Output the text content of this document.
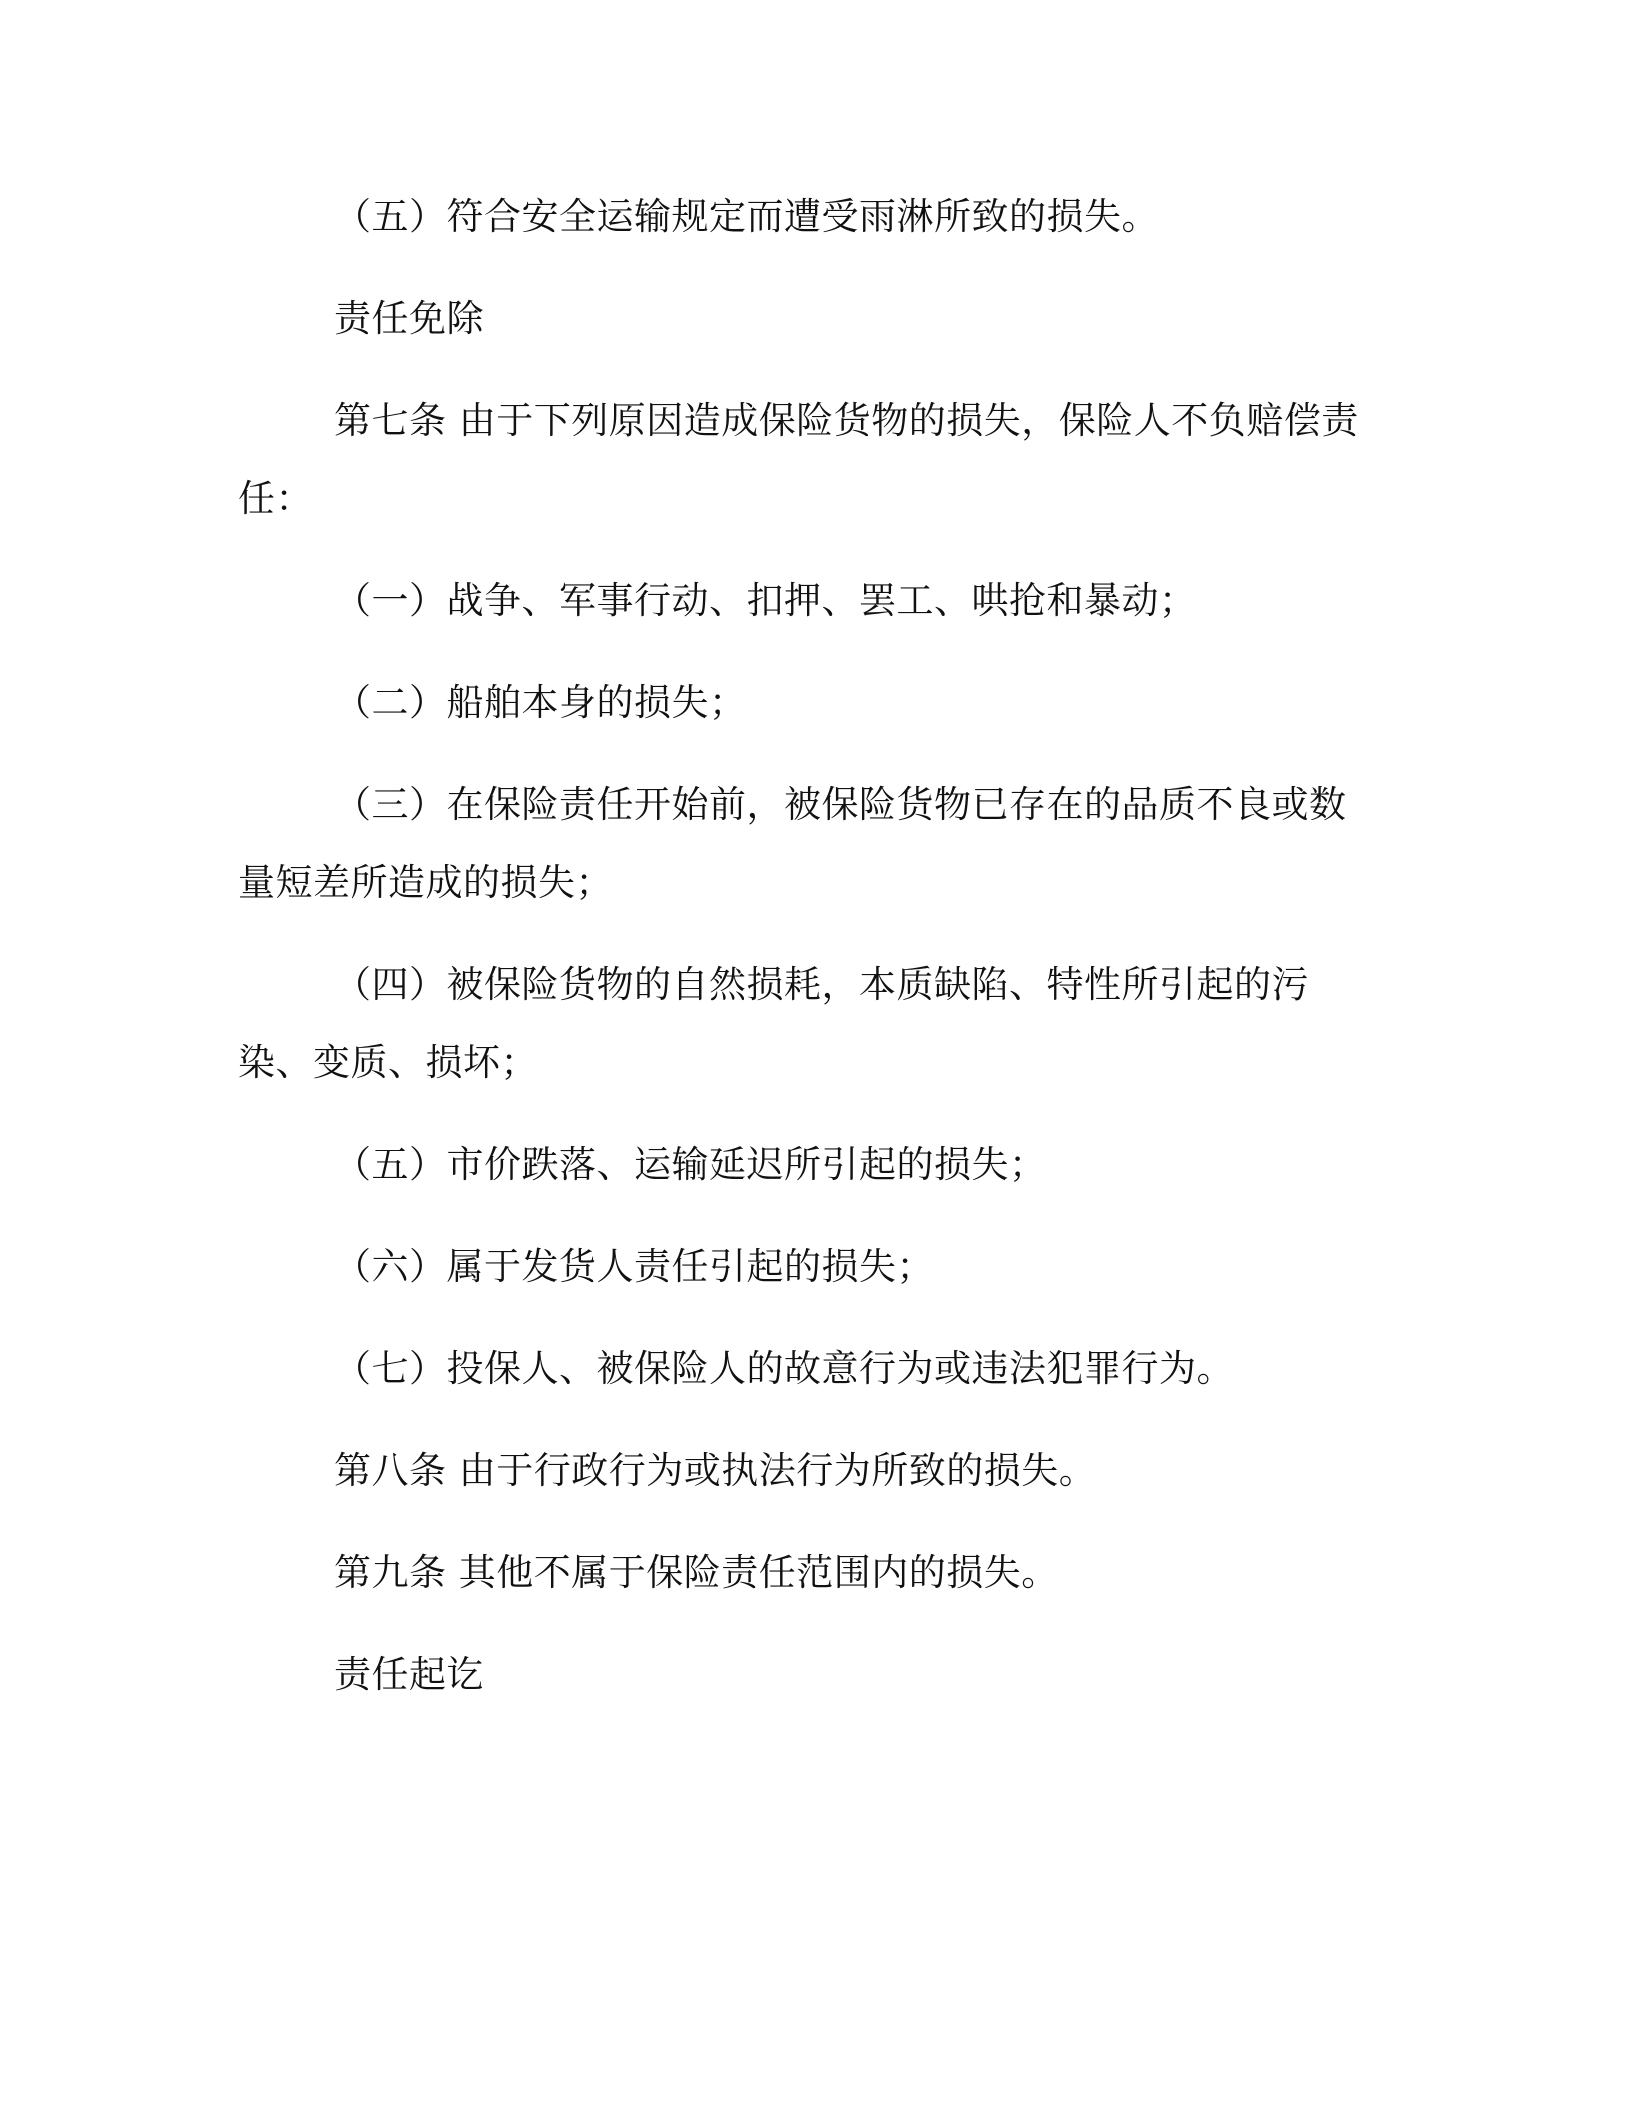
（五）符合安全运输规定而遭受雨淋所致的损失。

责任免除

第七条 由于下列原因造成保险货物的损失，保险人不负赔偿责任：

（一）战争、军事行动、扣押、罢工、哄抢和暴动；

（二）船舶本身的损失；

（三）在保险责任开始前，被保险货物已存在的品质不良或数量短差所造成的损失；

（四）被保险货物的自然损耗，本质缺陷、特性所引起的污染、变质、损坏；

（五）市价跌落、运输延迟所引起的损失；

（六）属于发货人责任引起的损失；

（七）投保人、被保险人的故意行为或违法犯罪行为。

第八条 由于行政行为或执法行为所致的损失。

第九条 其他不属于保险责任范围内的损失。

责任起讫
